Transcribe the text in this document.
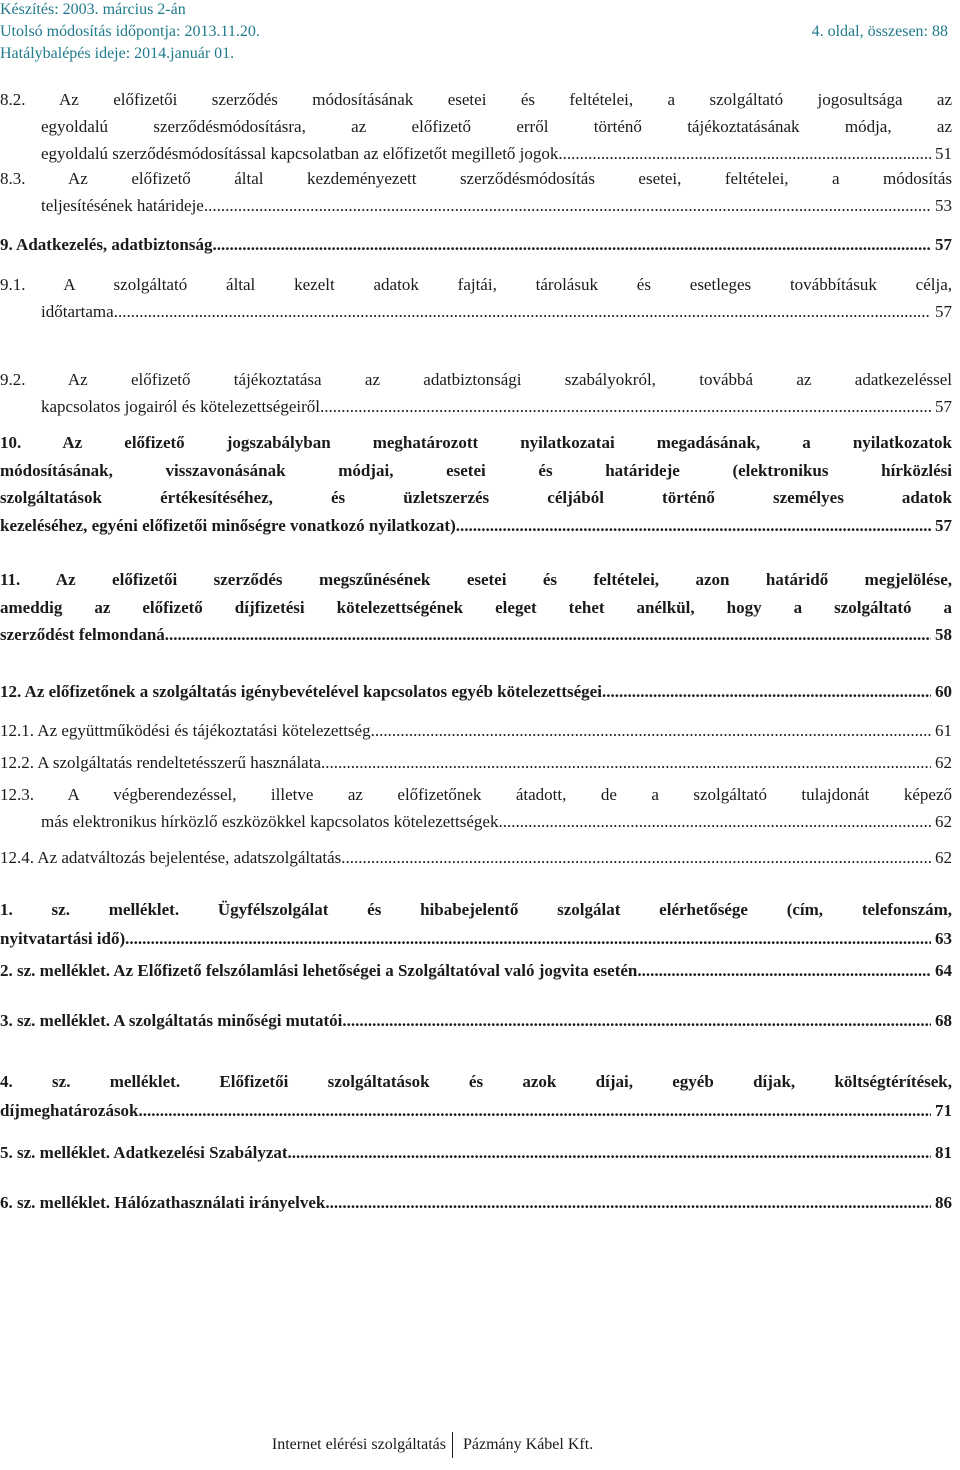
Készítés: 2003. március 2-án
Utolsó módosítás időpontja: 2013.11.20.
Hatálybalépés ideje: 2014.január 01.
4. oldal, összesen: 88
8.2. Az előfizetői szerződés módosításának esetei és feltételei, a szolgáltató jogosultsága az
egyoldalú szerződésmódosításra, az előfizető erről történő tájékoztatásának módja, az
egyoldalú szerződésmódosítással kapcsolatban az előfizetőt megillető jogok .....	51
8.3. Az előfizető által kezdeményezett szerződésmódosítás esetei, feltételei, a módosítás
teljesítésének határideje .....	53
9. Adatkezelés, adatbiztonság .....	57
9.1. A szolgáltató által kezelt adatok fajtái, tárolásuk és esetleges továbbításuk célja,
időtartama .....	57
9.2. Az előfizető tájékoztatása az adatbiztonsági szabályokról, továbbá az adatkezeléssel
kapcsolatos jogairól és kötelezettségeiről .....	57
10. Az előfizető jogszabályban meghatározott nyilatkozatai megadásának, a nyilatkozatok
módosításának, visszavonásának módjai, esetei és határideje (elektronikus hírközlési
szolgáltatások értékesítéséhez, és üzletszerzés céljából történő személyes adatok
kezeléséhez, egyéni előfizetői minőségre vonatkozó nyilatkozat) .....	57
11. Az előfizetői szerződés megszűnésének esetei és feltételei, azon határidő megjelölése,
ameddig az előfizető díjfizetési kötelezettségének eleget tehet anélkül, hogy a szolgáltató a
szerződést felmondaná .....	58
12. Az előfizetőnek a szolgáltatás igénybevételével kapcsolatos egyéb kötelezettségei .....	60
12.1. Az együttműködési és tájékoztatási kötelezettség .....	61
12.2. A szolgáltatás rendeltetésszerű használata .....	62
12.3. A végberendezéssel, illetve az előfizetőnek átadott, de a szolgáltató tulajdonát képező
más elektronikus hírközlő eszközökkel kapcsolatos kötelezettségek .....	62
12.4. Az adatváltozás bejelentése, adatszolgáltatás .....	62
1. sz. melléklet. Ügyfélszolgálat és hibabejelentő szolgálat elérhetősége (cím, telefonszám,
nyitvatartási idő) .....	63
2. sz. melléklet. Az Előfizető felszólamlási lehetőségei a Szolgáltatóval való jogvita esetén .....	64
3. sz. melléklet. A szolgáltatás minőségi mutatói .....	68
4. sz. melléklet. Előfizetői szolgáltatások és azok díjai, egyéb díjak, költségtérítések,
díjmeghatározások .....	71
5. sz. melléklet. Adatkezelési Szabályzat .....	81
6. sz. melléklet. Hálózathasználati irányelvek .....	86
Internet elérési szolgáltatás Pázmány Kábel Kft.
